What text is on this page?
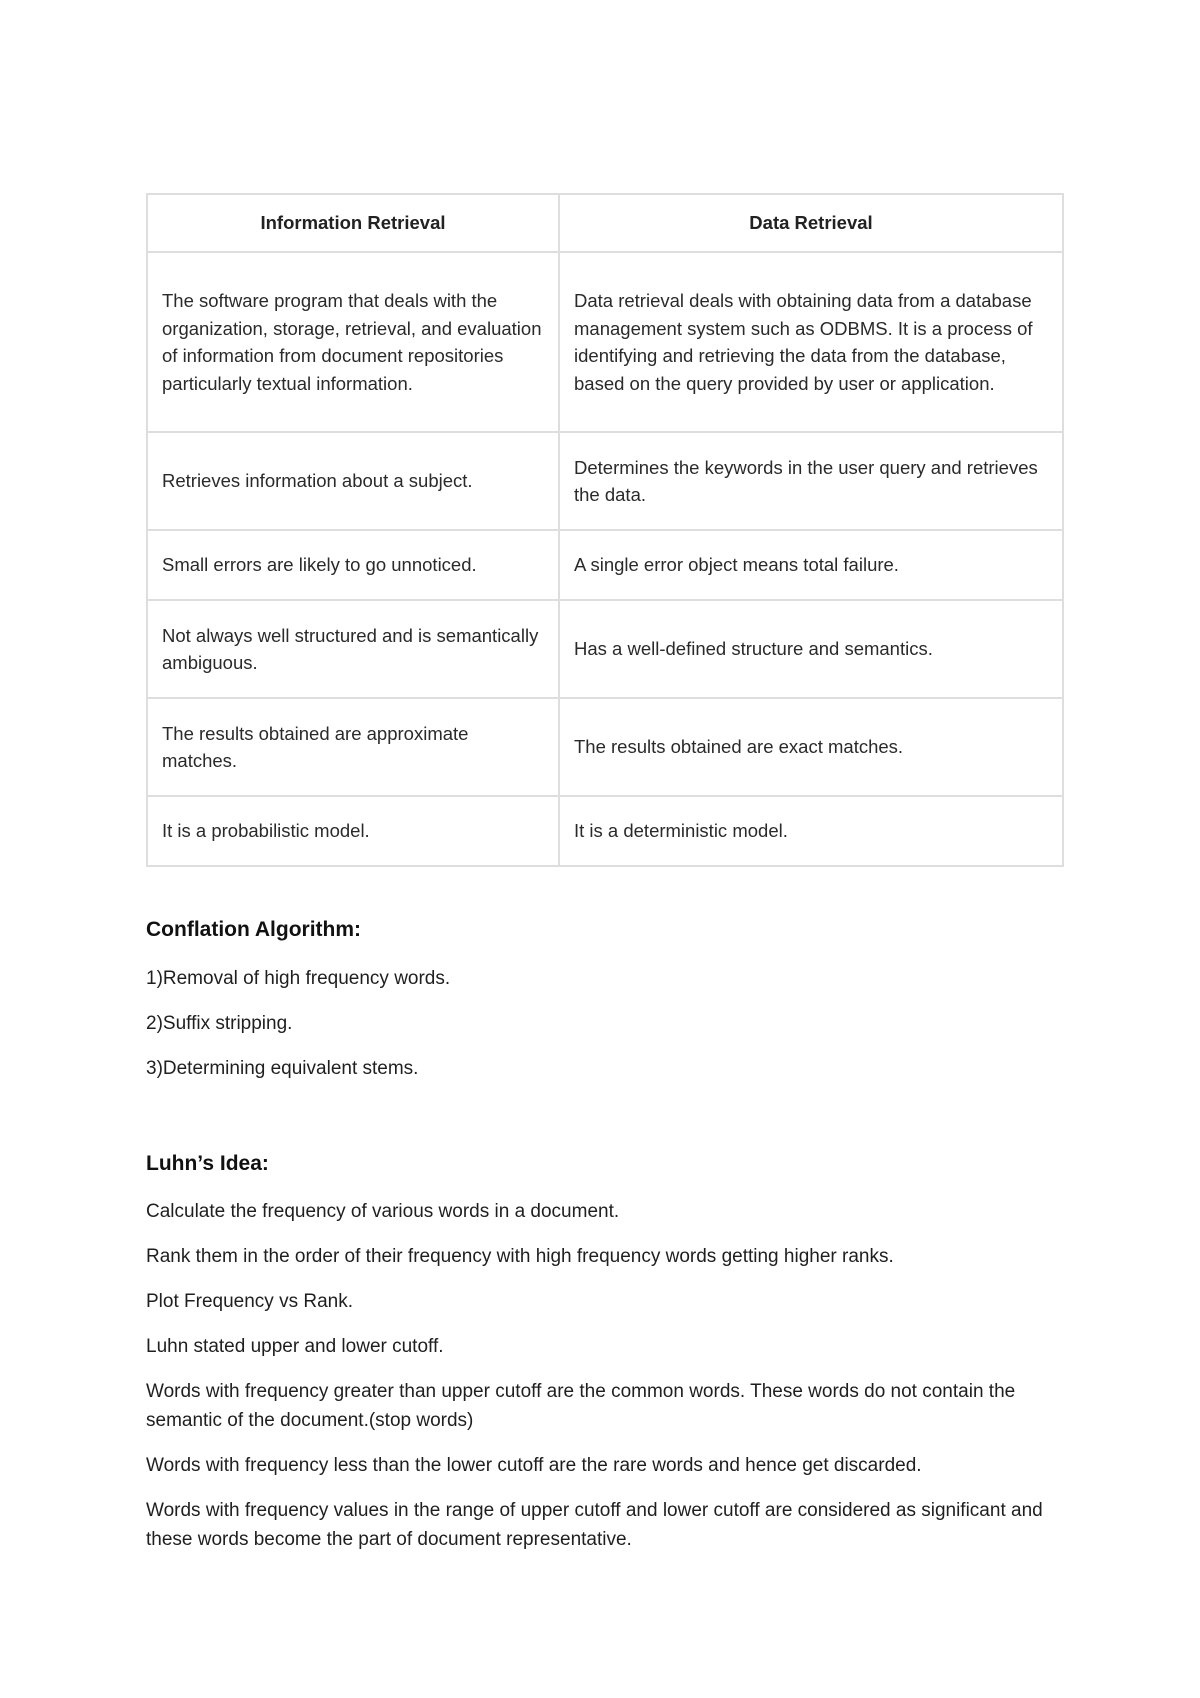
Information Retrieval	Data Retrieval
The software program that deals with the organization, storage, retrieval, and evaluation of information from document repositories particularly textual information.	Data retrieval deals with obtaining data from a database management system such as ODBMS. It is a process of identifying and retrieving the data from the database, based on the query provided by user or application.
Retrieves information about a subject.	Determines the keywords in the user query and retrieves the data.
Small errors are likely to go unnoticed.	A single error object means total failure.
Not always well structured and is semantically ambiguous.	Has a well-defined structure and semantics.
The results obtained are approximate matches.	The results obtained are exact matches.
It is a probabilistic model.	It is a deterministic model.
Conflation Algorithm:

1)Removal of high frequency words.

2)Suffix stripping.

3)Determining equivalent stems.

Luhn’s Idea:

Calculate the frequency of various words in a document.

Rank them in the order of their frequency with high frequency words getting higher ranks.

Plot Frequency vs Rank.

Luhn stated upper and lower cutoff.

Words with frequency greater than upper cutoff are the common words. These words do not contain the semantic of the document.(stop words)

Words with frequency less than the lower cutoff are the rare words and hence get discarded.

Words with frequency values in the range of upper cutoff and lower cutoff are considered as significant and these words become the part of document representative.
